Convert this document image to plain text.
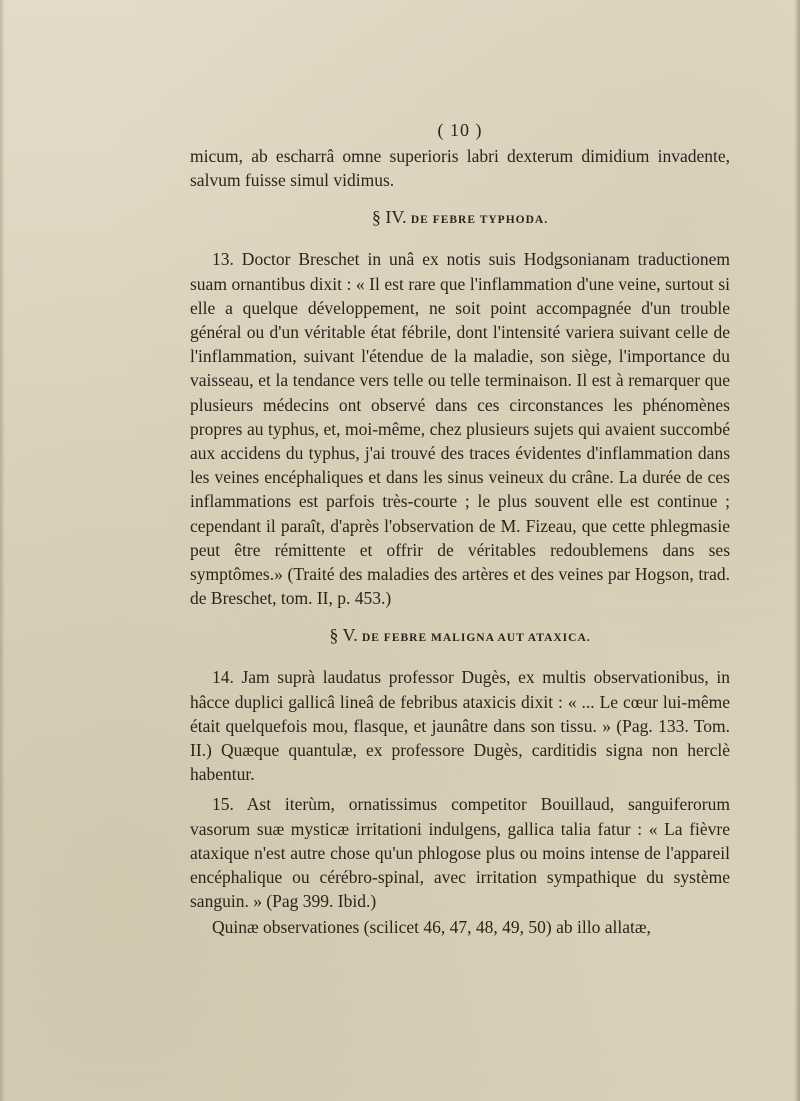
( 10 )

micum, ab escharrâ omne superioris labri dexterum dimidium invadente, salvum fuisse simul vidimus.

§ IV. DE FEBRE TYPHODA.

13. Doctor Breschet in unâ ex notis suis Hodgsonianam traductionem suam ornantibus dixit : « Il est rare que l'inflammation d'une veine, surtout si elle a quelque développement, ne soit point accompagnée d'un trouble général ou d'un véritable état fébrile, dont l'intensité variera suivant celle de l'inflammation, suivant l'étendue de la maladie, son siège, l'importance du vaisseau, et la tendance vers telle ou telle terminaison. Il est à remarquer que plusieurs médecins ont observé dans ces circonstances les phénomènes propres au typhus, et, moi-même, chez plusieurs sujets qui avaient succombé aux accidens du typhus, j'ai trouvé des traces évidentes d'inflammation dans les veines encéphaliques et dans les sinus veineux du crâne. La durée de ces inflammations est parfois très-courte ; le plus souvent elle est continue ; cependant il paraît, d'après l'observation de M. Fizeau, que cette phlegmasie peut être rémittente et offrir de véritables redoublemens dans ses symptômes.» (Traité des maladies des artères et des veines par Hogson, trad. de Breschet, tom. II, p. 453.)

§ V. DE FEBRE MALIGNA AUT ATAXICA.

14. Jam suprà laudatus professor Dugès, ex multis observationibus, in hâcce duplici gallicâ lineâ de febribus ataxicis dixit : « ... Le cœur lui-même était quelquefois mou, flasque, et jaunâtre dans son tissu. » (Pag. 133. Tom. II.) Quæque quantulæ, ex professore Dugès, carditidis signa non herclè habentur.

15. Ast iterùm, ornatissimus competitor Bouillaud, sanguiferorum vasorum suæ mysticæ irritationi indulgens, gallica talia fatur : « La fièvre ataxique n'est autre chose qu'un phlogose plus ou moins intense de l'appareil encéphalique ou cérébro-spinal, avec irritation sympathique du système sanguin. » (Pag 399. Ibid.)

Quinæ observationes (scilicet 46, 47, 48, 49, 50) ab illo allatæ,
